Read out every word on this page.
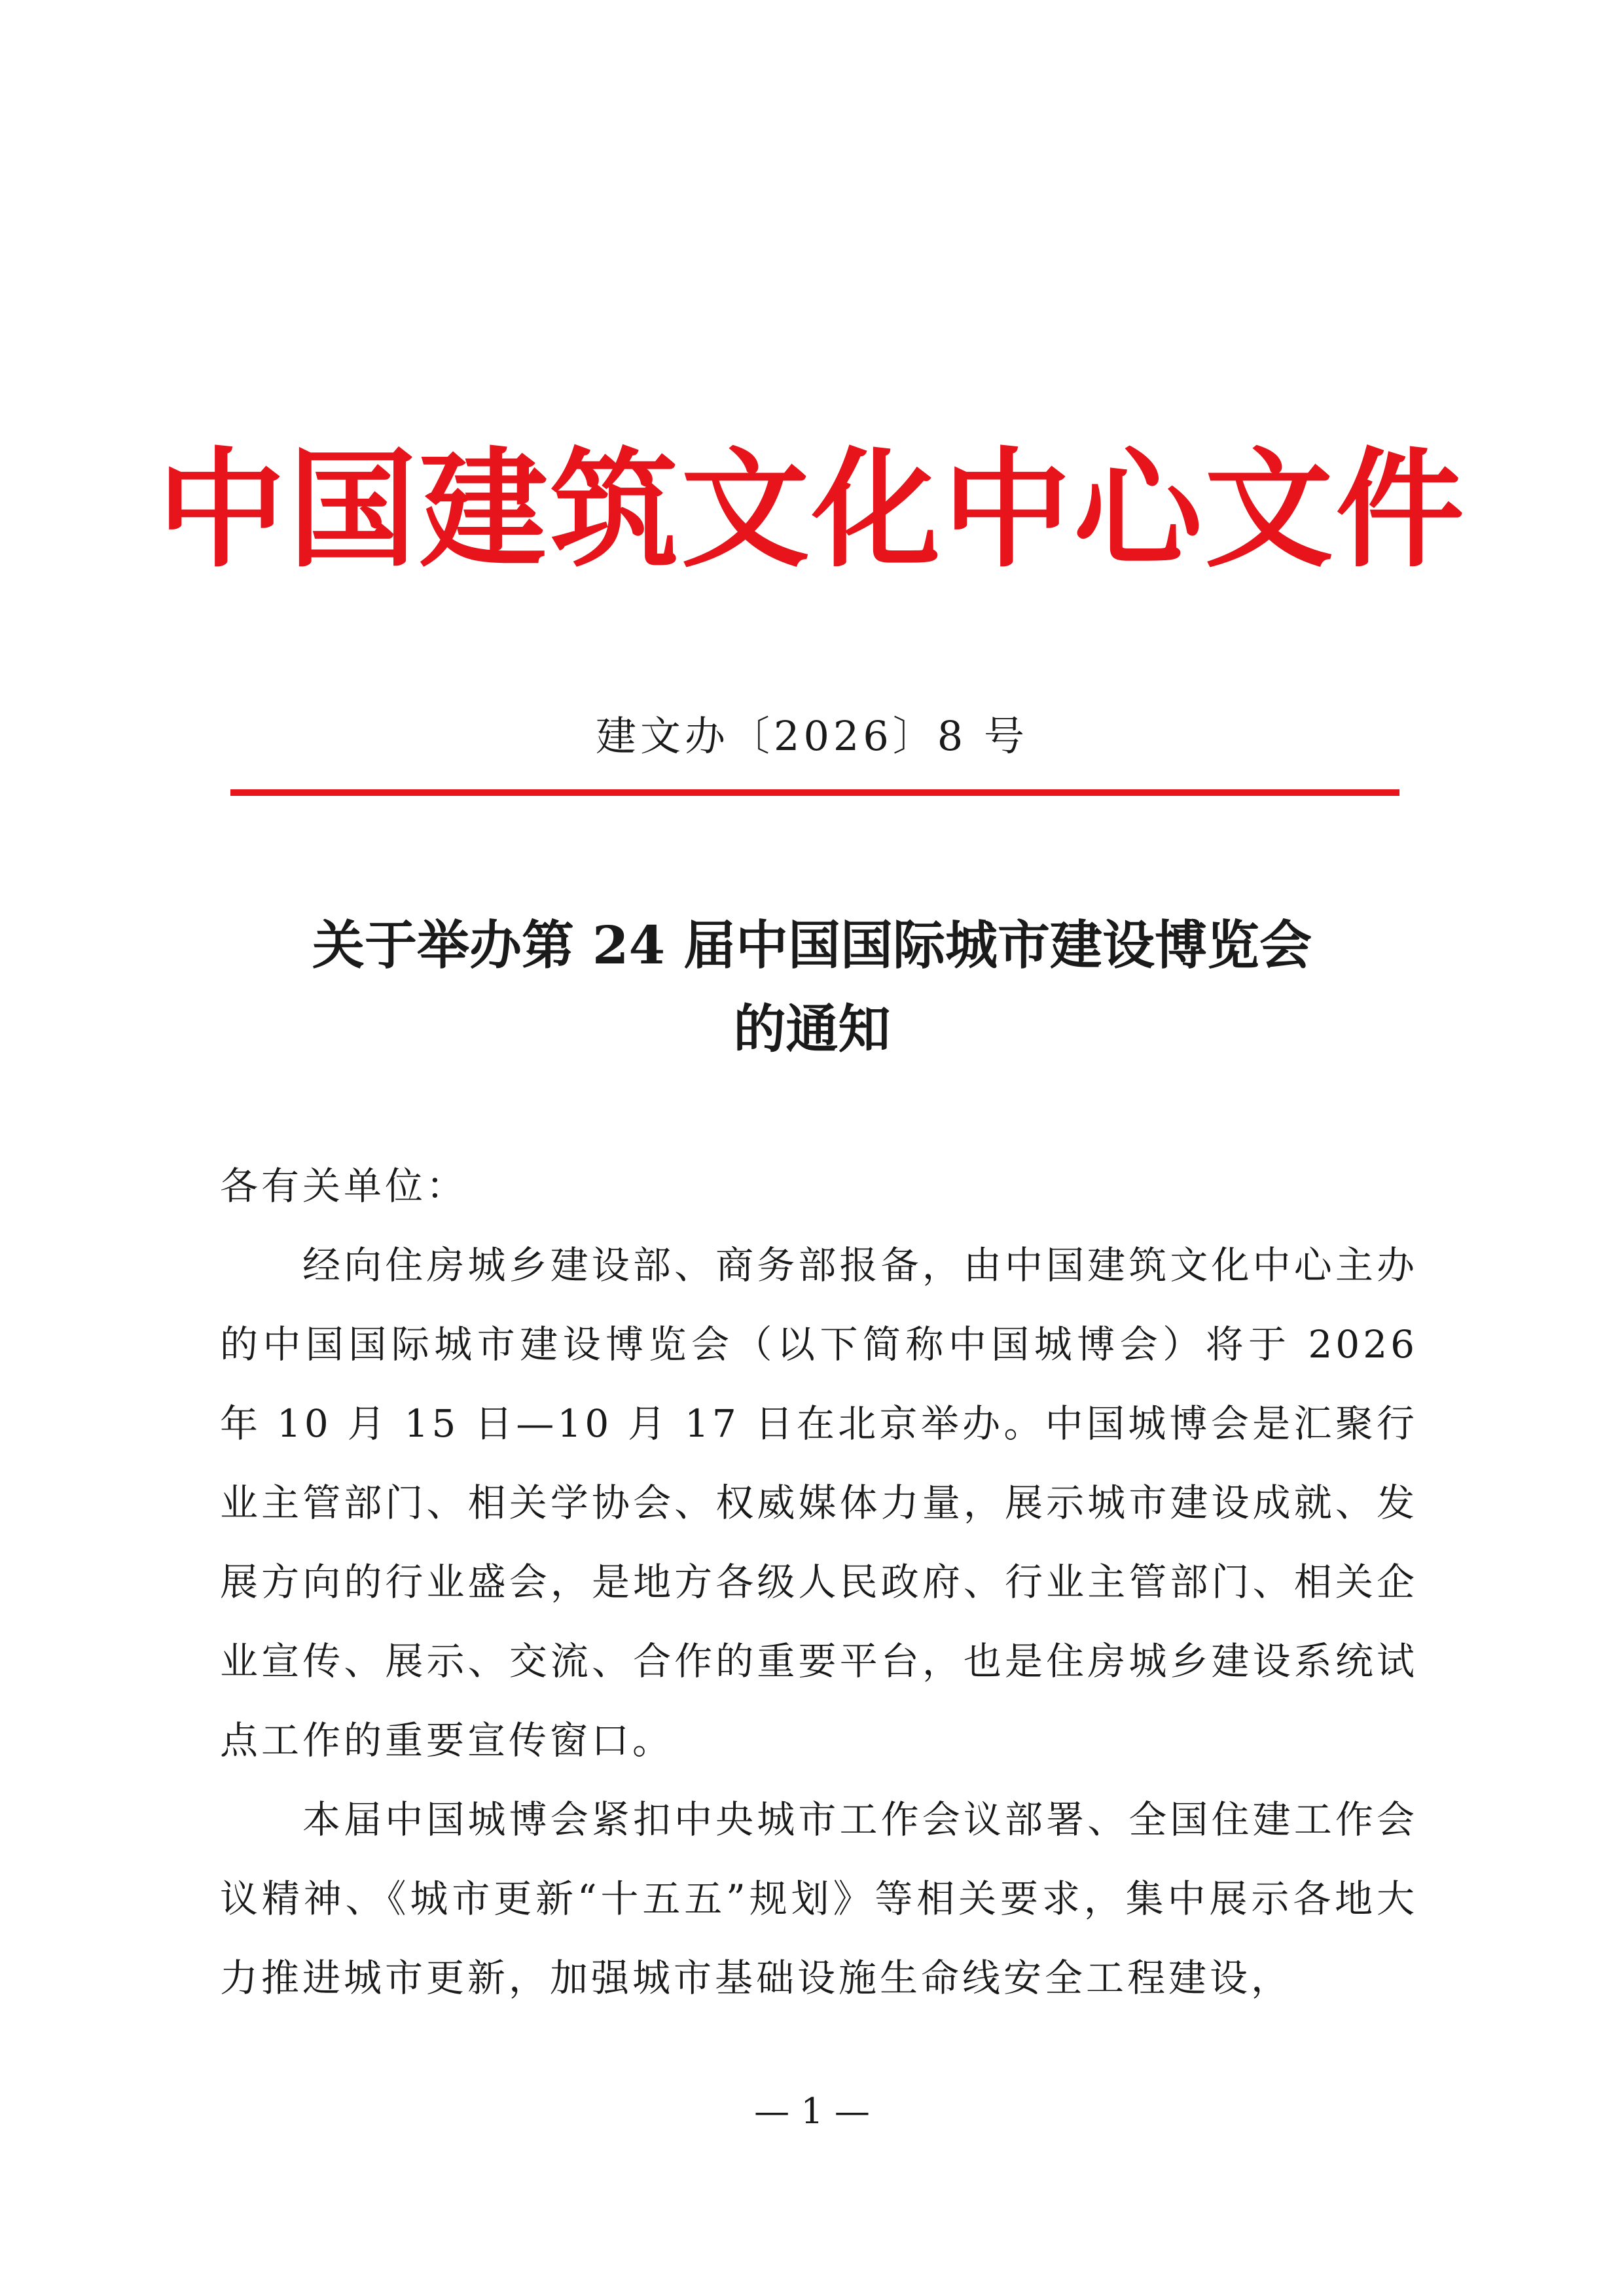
中国建筑文化中心文件
建文办〔2026〕8 号
关于举办第 24 届中国国际城市建设博览会
的通知

各有关单位：

经向住房城乡建设部、商务部报备，由中国建筑文化中心主办的中国国际城市建设博览会（以下简称中国城博会）将于 2026 年 10 月 15 日—10 月 17 日在北京举办。中国城博会是汇聚行业主管部门、相关学协会、权威媒体力量，展示城市建设成就、发展方向的行业盛会，是地方各级人民政府、行业主管部门、相关企业宣传、展示、交流、合作的重要平台，也是住房城乡建设系统试点工作的重要宣传窗口。

本届中国城博会紧扣中央城市工作会议部署、全国住建工作会议精神、《城市更新“十五五”规划》等相关要求，集中展示各地大力推进城市更新，加强城市基础设施生命线安全工程建设，

— 1 —
